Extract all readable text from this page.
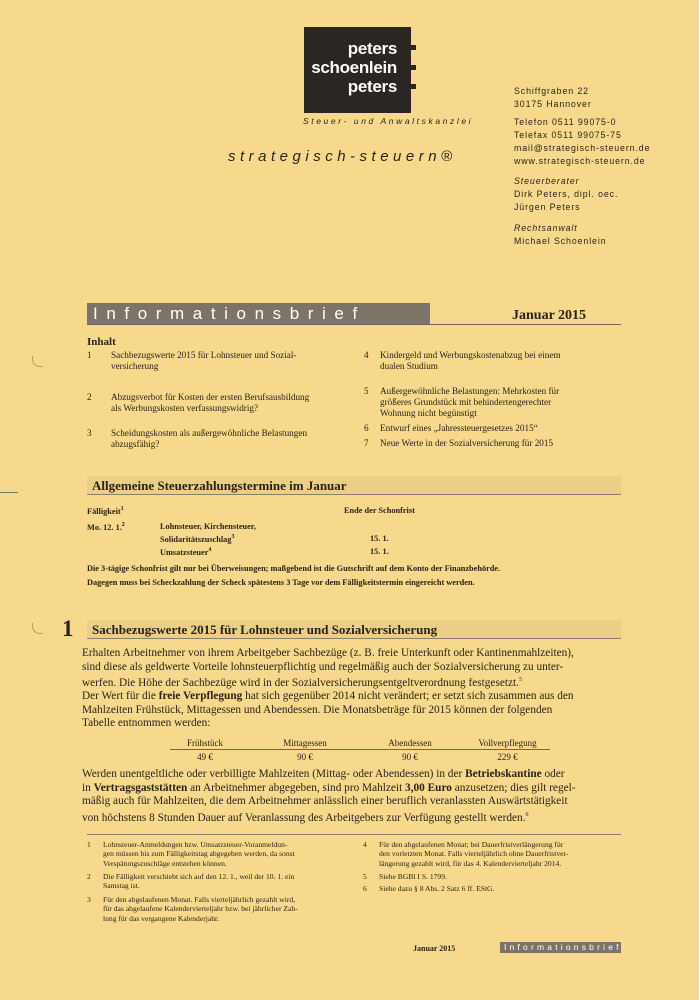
peters
schoenlein
peters
Steuer- und Anwaltskanzlei
strategisch-steuern®
Schiffgraben 22
30175 Hannover
Telefon 0511 99075-0
Telefax 0511 99075-75
mail@strategisch-steuern.de
www.strategisch-steuern.de
Steuerberater
Dirk Peters, dipl. oec.
Jürgen Peters
Rechtsanwalt
Michael Schoenlein
Informationsbrief	Januar 2015
Inhalt
1 Sachbezugswerte 2015 für Lohnsteuer und Sozial-
versicherung
2 Abzugsverbot für Kosten der ersten Berufsausbildung
als Werbungskosten verfassungswidrig?
3 Scheidungskosten als außergewöhnliche Belastungen
abzugsfähig?
4 Kindergeld und Werbungskostenabzug bei einem
dualen Studium
5 Außergewöhnliche Belastungen: Mehrkosten für
größeres Grundstück mit behindertengerechter
Wohnung nicht begünstigt
6 Entwurf eines „Jahressteuergesetzes 2015“
7 Neue Werte in der Sozialversicherung für 2015
Allgemeine Steuerzahlungstermine im Januar
Fälligkeit$^1$	Ende der Schonfrist
Mo. 12. 1.$^2$	Lohnsteuer, Kirchensteuer,
Solidaritätszuschlag$^3$	15. 1.
Umsatzsteuer$^4$	15. 1.
Die 3-tägige Schonfrist gilt nur bei Überweisungen; maßgebend ist die Gutschrift auf dem Konto der Finanzbehörde.
Dagegen muss bei Scheckzahlung der Scheck spätestens 3 Tage vor dem Fälligkeitstermin eingereicht werden.
1 Sachbezugswerte 2015 für Lohnsteuer und Sozialversicherung
Erhalten Arbeitnehmer von ihrem Arbeitgeber Sachbezüge (z. B. freie Unterkunft oder Kantinenmahlzeiten),
sind diese als geldwerte Vorteile lohnsteuerpflichtig und regelmäßig auch der Sozialversicherung zu unter-
werfen. Die Höhe der Sachbezüge wird in der Sozialversicherungsentgeltverordnung festgesetzt.$^5$
Der Wert für die freie Verpflegung hat sich gegenüber 2014 nicht verändert; er setzt sich zusammen aus den
Mahlzeiten Frühstück, Mittagessen und Abendessen. Die Monatsbeträge für 2015 können der folgenden
Tabelle entnommen werden:
Frühstück	Mittagessen	Abendessen	Vollverpflegung
49 €	90 €	90 €	229 €
Werden unentgeltliche oder verbilligte Mahlzeiten (Mittag- oder Abendessen) in der Betriebskantine oder
in Vertragsgaststätten an Arbeitnehmer abgegeben, sind pro Mahlzeit 3,00 Euro anzusetzen; dies gilt regel-
mäßig auch für Mahlzeiten, die dem Arbeitnehmer anlässlich einer beruflich veranlassten Auswärtstätigkeit
von höchstens 8 Stunden Dauer auf Veranlassung des Arbeitgebers zur Verfügung gestellt werden.$^6$
1 Lohnsteuer-Anmeldungen bzw. Umsatzsteuer-Voranmeldun-
gen müssen bis zum Fälligkeitstag abgegeben werden, da sonst
Verspätungszuschläge entstehen können.
2 Die Fälligkeit verschiebt sich auf den 12. 1., weil der 10. 1. ein
Samstag ist.
3 Für den abgelaufenen Monat. Falls vierteljährlich gezahlt wird,
für das abgelaufene Kalendervierteljahr bzw. bei jährlicher Zah-
lung für das vergangene Kalenderjahr.
4 Für den abgelaufenen Monat; bei Dauerfristverlängerung für
den vorletzten Monat. Falls vierteljährlich ohne Dauerfristver-
längerung gezahlt wird, für das 4. Kalendervierteljahr 2014.
5 Siehe BGBl I S. 1799.
6 Siehe dazu § 8 Abs. 2 Satz 6 ff. EStG.
Januar 2015	Informationsbrief
